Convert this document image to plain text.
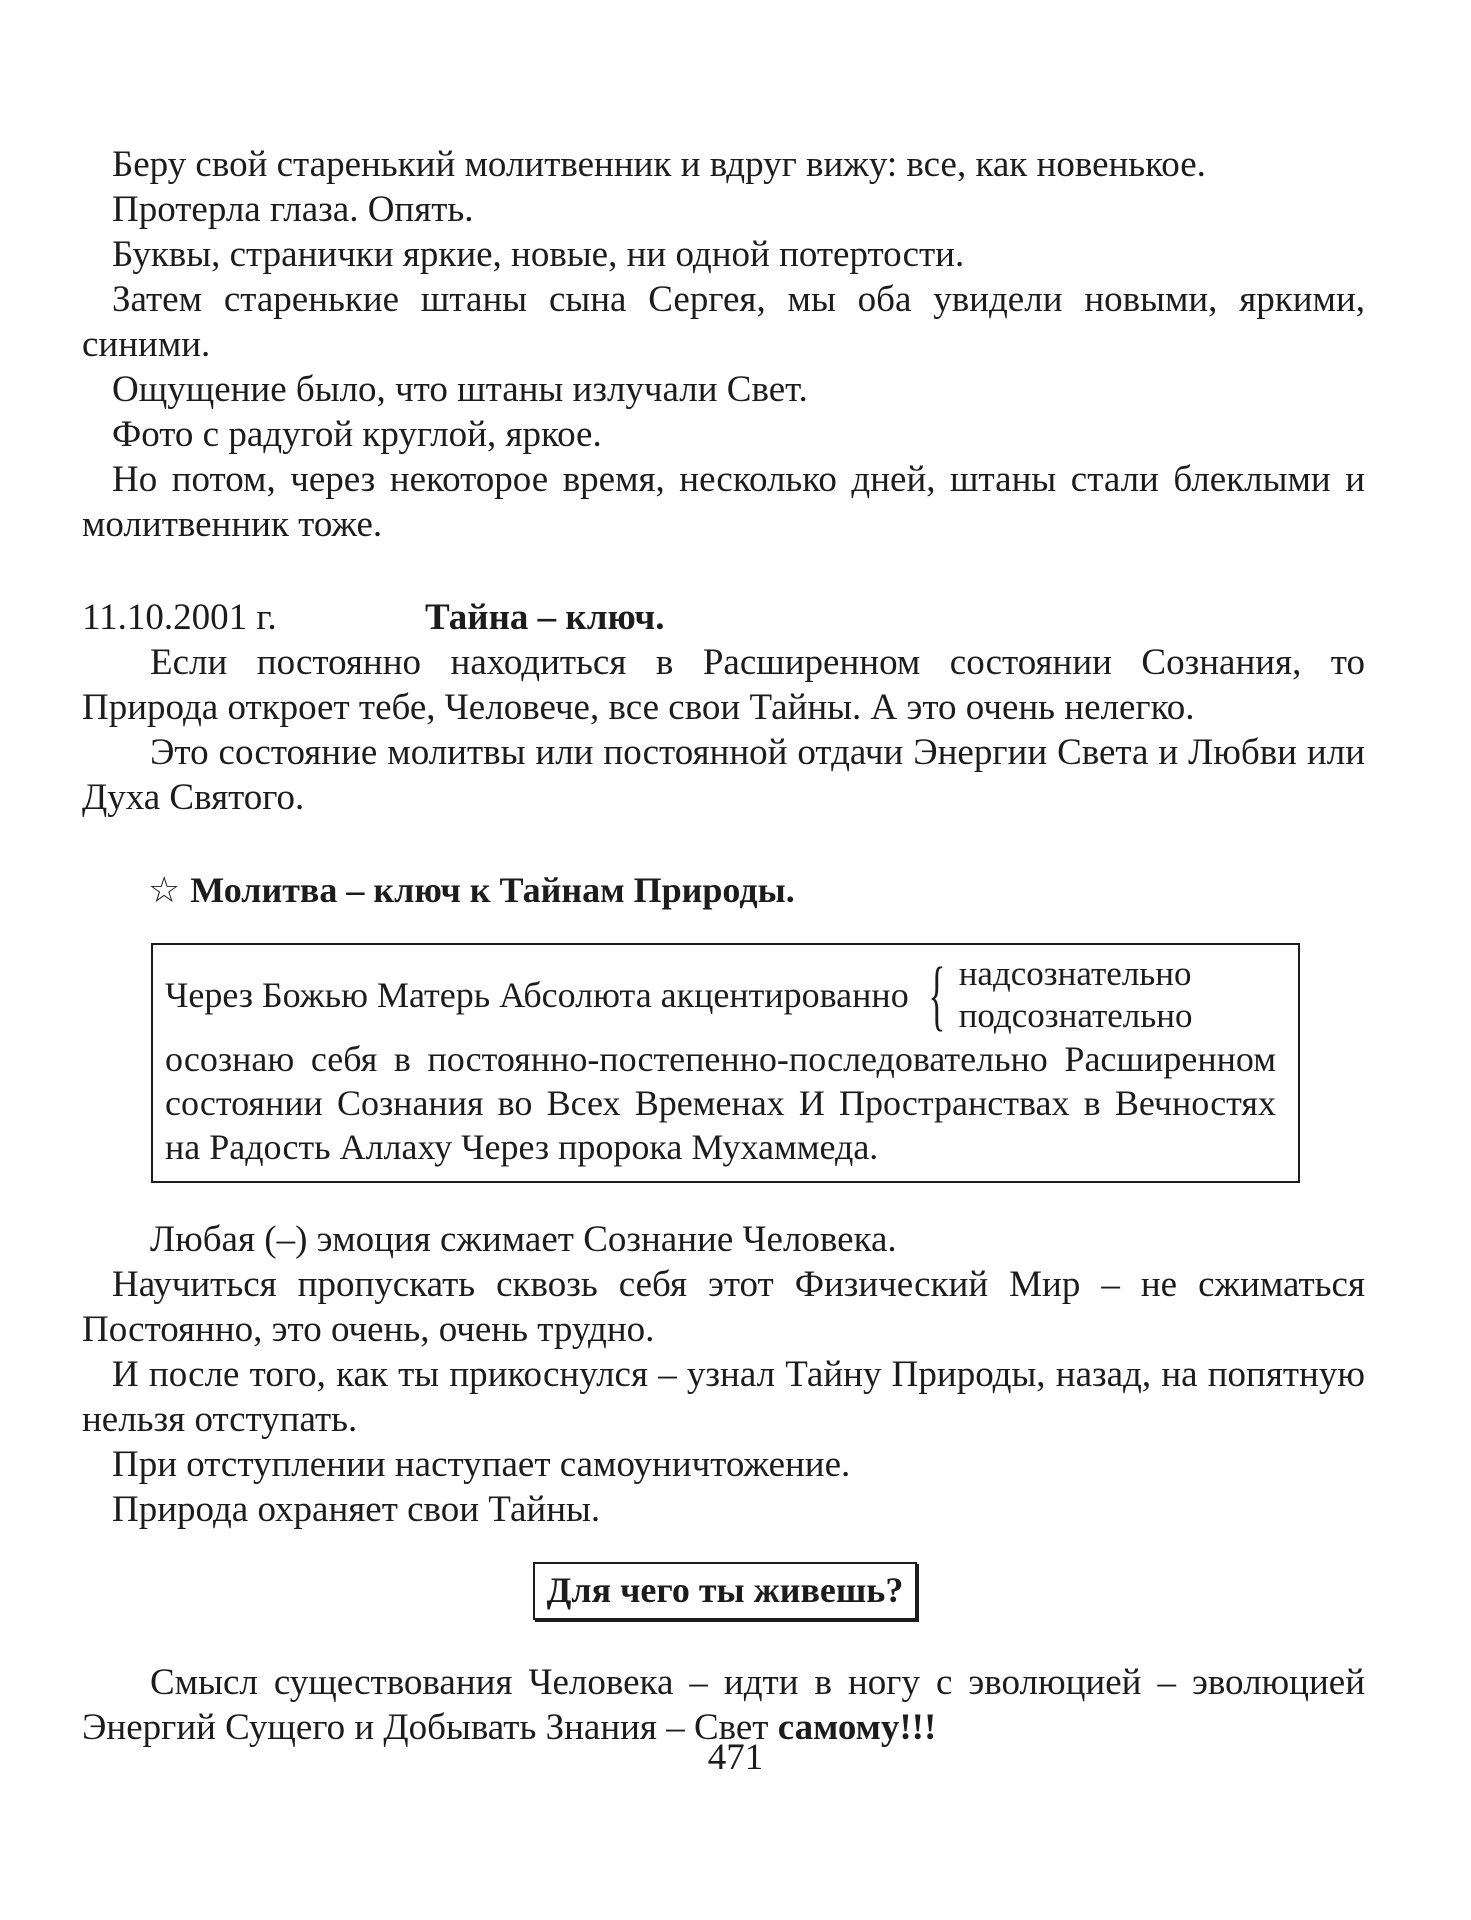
Беру свой старенький молитвенник и вдруг вижу: все, как новенькое.

Протерла глаза. Опять.

Буквы, странички яркие, новые, ни одной потертости.

Затем старенькие штаны сына Сергея, мы оба увидели новыми, яркими, синими.

Ощущение было, что штаны излучали Свет.

Фото с радугой круглой, яркое.

Но потом, через некоторое время, несколько дней, штаны стали блеклыми и молитвенник тоже.

11.10.2001 г.	Тайна – ключ.

Если постоянно находиться в Расширенном состоянии Сознания, то Природа откроет тебе, Человече, все свои Тайны. А это очень нелегко.

Это состояние молитвы или постоянной отдачи Энергии Света и Любви или Духа Святого.

☆ Молитва – ключ к Тайнам Природы.
Через Божью Матерь Абсолюта акцентированно { надсознательно
подсознательно

осознаю себя в постоянно-постепенно-последовательно Расширенном состоянии Сознания во Всех Временах И Пространствах в Вечностях на Радость Аллаху Через пророка Мухаммеда.

Любая (–) эмоция сжимает Сознание Человека.

Научиться пропускать сквозь себя этот Физический Мир – не сжиматься Постоянно, это очень, очень трудно.

И после того, как ты прикоснулся – узнал Тайну Природы, назад, на попятную нельзя отступать.

При отступлении наступает самоуничтожение.

Природа охраняет свои Тайны.

Для чего ты живешь?

Смысл существования Человека – идти в ногу с эволюцией – эволюцией Энергий Сущего и Добывать Знания – Свет самому!!!

471
